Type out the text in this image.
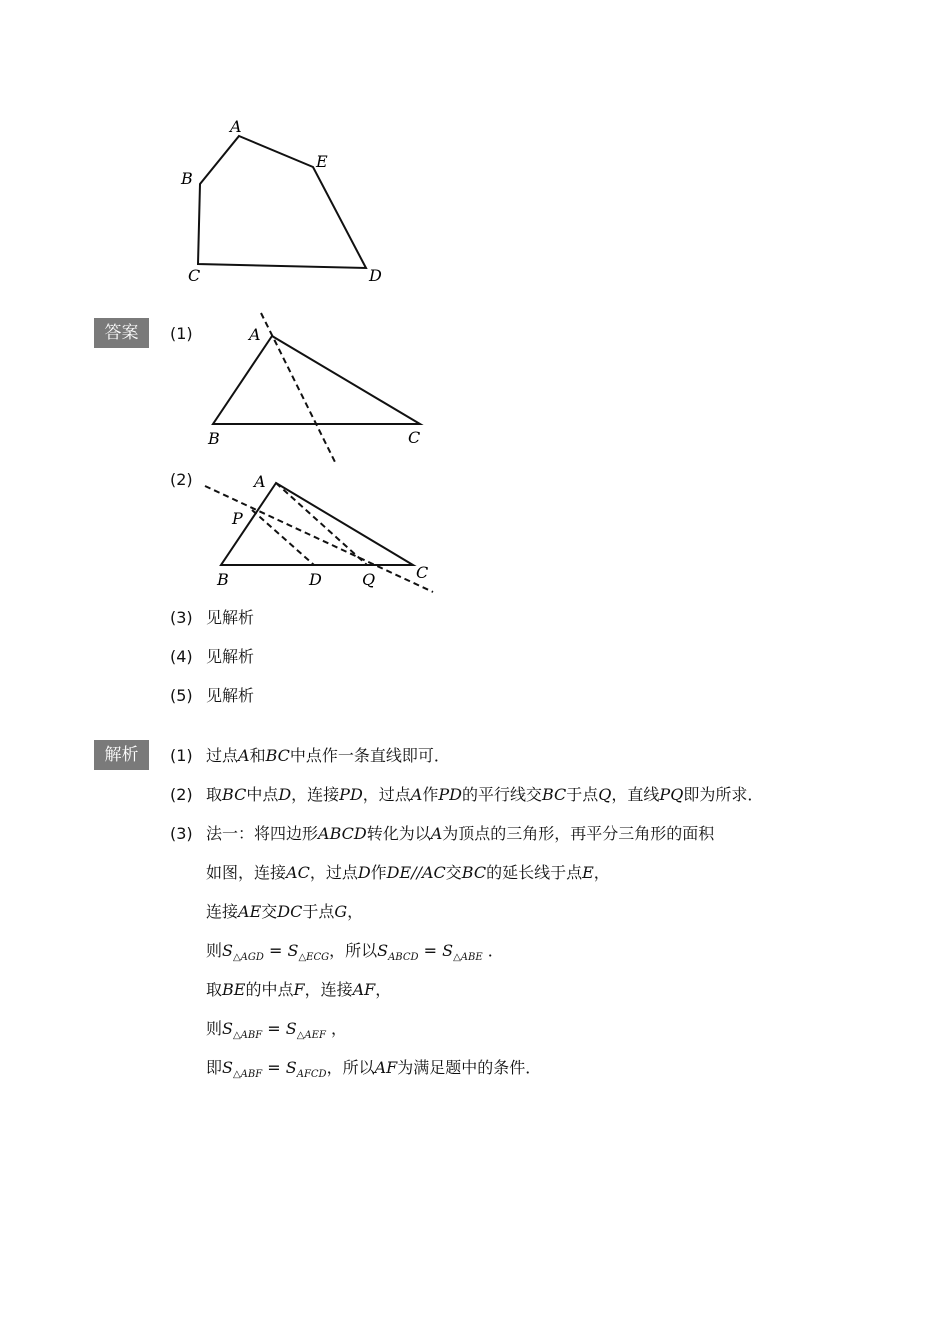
A
E
B
C	D
答案	(1)	A
B	C
(2)	A
P
B	D	Q	C
(3) 见解析
(4) 见解析
(5) 见解析
解析	(1) 过点A和BC中点作一条直线即可．
(2) 取BC中点D，连接PD，过点A作PD的平行线交BC于点Q，直线PQ即为所求．
(3) 法一：将四边形ABCD转化为以A为顶点的三角形，再平分三角形的面积
如图，连接AC，过点D作DE//AC交BC的延长线于点E，
连接AE交DC于点G，
则$S_{\triangle AGD} = S_{\triangle ECG}$，所以$S_{ABCD} = S_{\triangle ABE}$ ．
取BE的中点F，连接AF，
则$S_{\triangle ABF} = S_{\triangle AEF}$ ，
即$S_{\triangle ABF} = S_{AFCD}$，所以AF为满足题中的条件．
